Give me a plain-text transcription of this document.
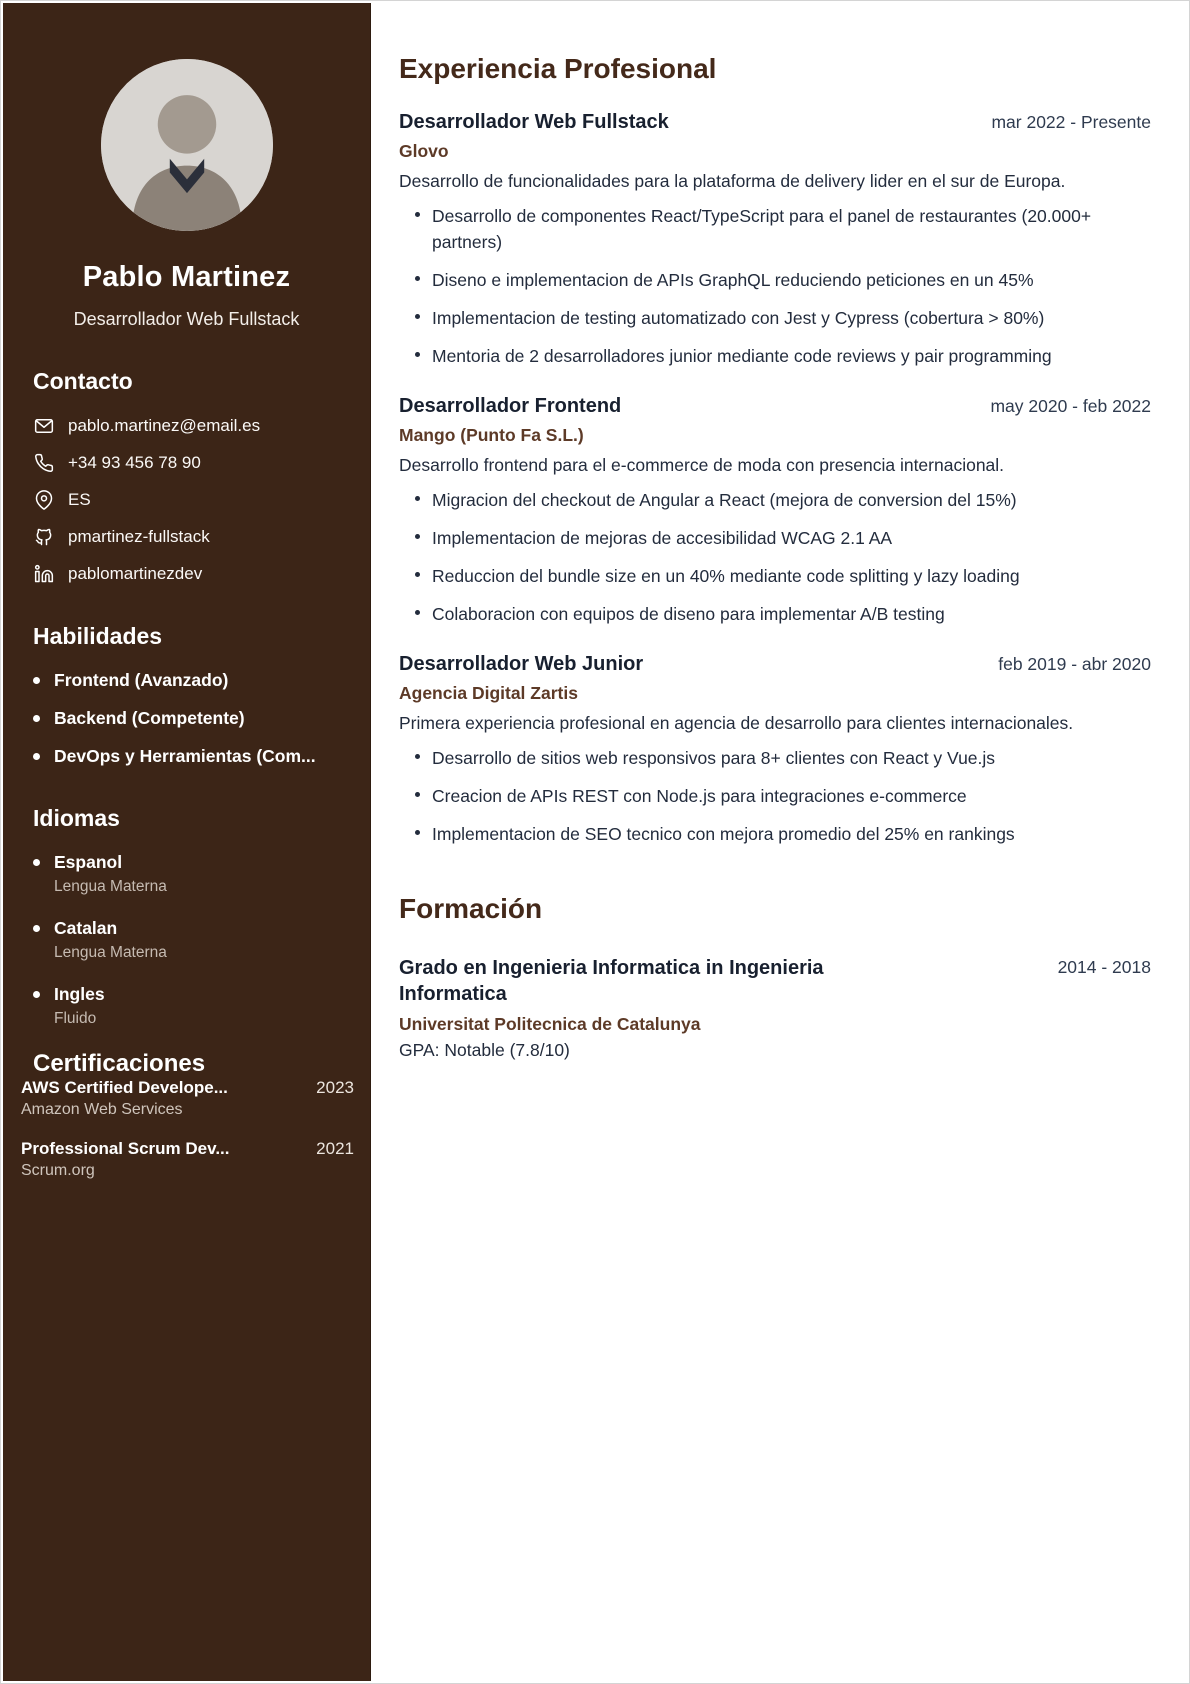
Pablo Martinez
Desarrollador Web Fullstack
Contacto
pablo.martinez@email.es
+34 93 456 78 90
ES
pmartinez-fullstack
pablomartinezdev
Habilidades
Frontend (Avanzado)
Backend (Competente)
DevOps y Herramientas (Com...
Idiomas
Espanol
Lengua Materna
Catalan
Lengua Materna
Ingles
Fluido
Certificaciones
AWS Certified Develope...	2023
Amazon Web Services
Professional Scrum Dev...	2021
Scrum.org
Experiencia Profesional
Desarrollador Web Fullstack	mar 2022 - Presente
Glovo
Desarrollo de funcionalidades para la plataforma de delivery lider en el sur de Europa.
Desarrollo de componentes React/TypeScript para el panel de restaurantes (20.000+ partners)
Diseno e implementacion de APIs GraphQL reduciendo peticiones en un 45%
Implementacion de testing automatizado con Jest y Cypress (cobertura > 80%)
Mentoria de 2 desarrolladores junior mediante code reviews y pair programming
Desarrollador Frontend	may 2020 - feb 2022
Mango (Punto Fa S.L.)
Desarrollo frontend para el e-commerce de moda con presencia internacional.
Migracion del checkout de Angular a React (mejora de conversion del 15%)
Implementacion de mejoras de accesibilidad WCAG 2.1 AA
Reduccion del bundle size en un 40% mediante code splitting y lazy loading
Colaboracion con equipos de diseno para implementar A/B testing
Desarrollador Web Junior	feb 2019 - abr 2020
Agencia Digital Zartis
Primera experiencia profesional en agencia de desarrollo para clientes internacionales.
Desarrollo de sitios web responsivos para 8+ clientes con React y Vue.js
Creacion de APIs REST con Node.js para integraciones e-commerce
Implementacion de SEO tecnico con mejora promedio del 25% en rankings
Formación
Grado en Ingenieria Informatica in Ingenieria Informatica
2014 - 2018
Universitat Politecnica de Catalunya
GPA: Notable (7.8/10)
